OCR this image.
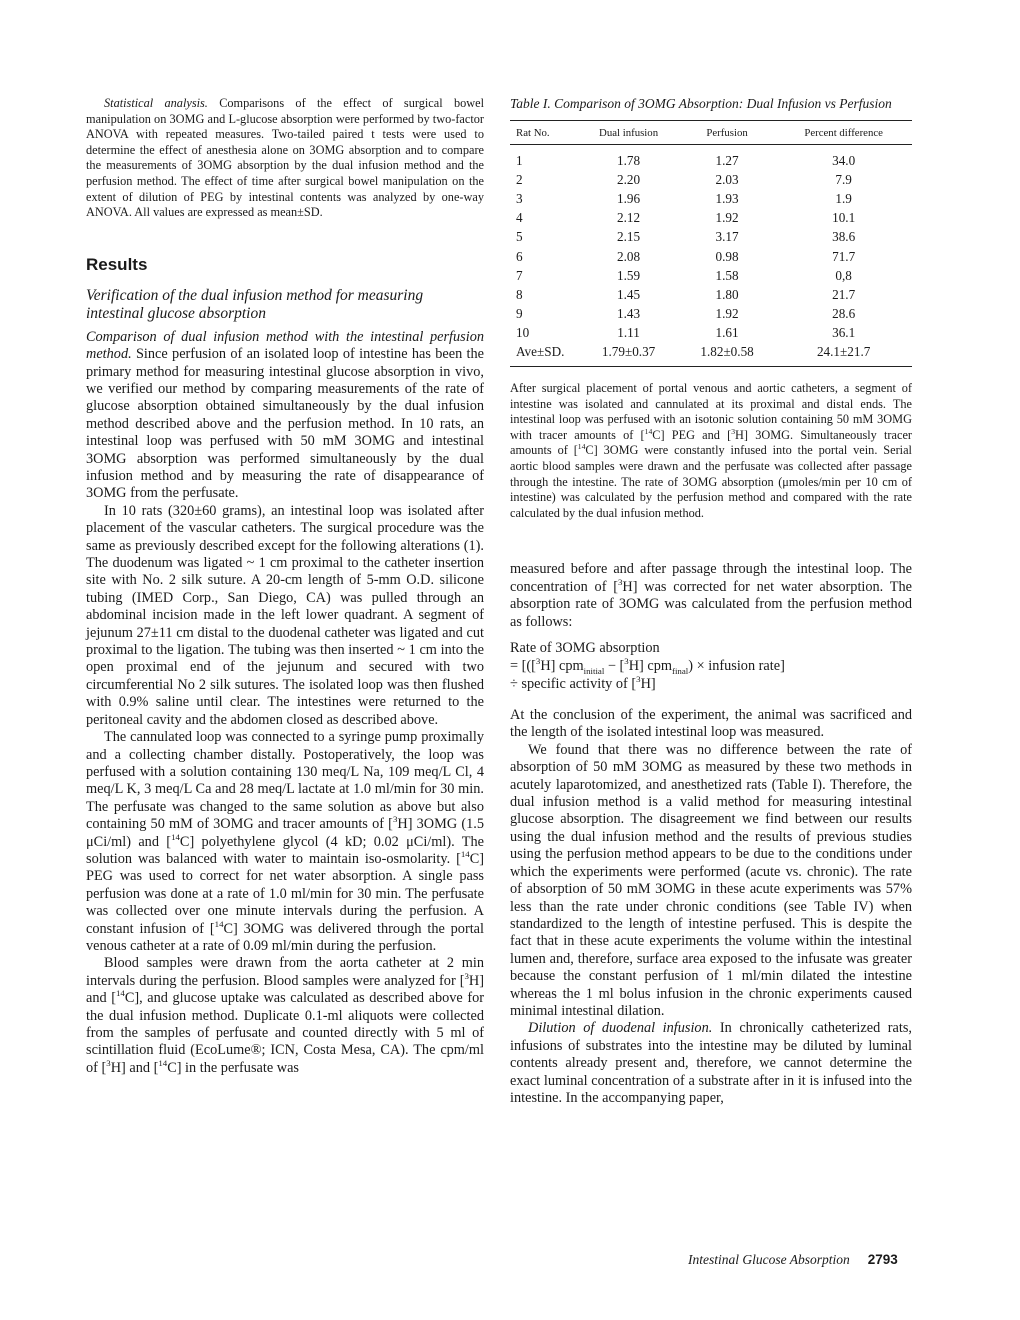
Statistical analysis. Comparisons of the effect of surgical bowel manipulation on 3OMG and L-glucose absorption were performed by two-factor ANOVA with repeated measures. Two-tailed paired t tests were used to determine the effect of anesthesia alone on 3OMG absorption and to compare the measurements of 3OMG absorption by the dual infusion method and the perfusion method. The effect of time after surgical bowel manipulation on the extent of dilution of PEG by intestinal contents was analyzed by one-way ANOVA. All values are expressed as mean±SD.

Results
Verification of the dual infusion method for measuring intestinal glucose absorption

Comparison of dual infusion method with the intestinal perfusion method. Since perfusion of an isolated loop of intestine has been the primary method for measuring intestinal glucose absorption in vivo, we verified our method by comparing measurements of the rate of glucose absorption obtained simultaneously by the dual infusion method described above and the perfusion method. In 10 rats, an intestinal loop was perfused with 50 mM 3OMG and intestinal 3OMG absorption was performed simultaneously by the dual infusion method and by measuring the rate of disappearance of 3OMG from the perfusate.

In 10 rats (320±60 grams), an intestinal loop was isolated after placement of the vascular catheters. The surgical procedure was the same as previously described except for the following alterations (1). The duodenum was ligated ~ 1 cm proximal to the catheter insertion site with No. 2 silk suture. A 20-cm length of 5-mm O.D. silicone tubing (IMED Corp., San Diego, CA) was pulled through an abdominal incision made in the left lower quadrant. A segment of jejunum 27±11 cm distal to the duodenal catheter was ligated and cut proximal to the ligation. The tubing was then inserted ~ 1 cm into the open proximal end of the jejunum and secured with two circumferential No 2 silk sutures. The isolated loop was then flushed with 0.9% saline until clear. The intestines were returned to the peritoneal cavity and the abdomen closed as described above.

The cannulated loop was connected to a syringe pump proximally and a collecting chamber distally. Postoperatively, the loop was perfused with a solution containing 130 meq/L Na, 109 meq/L Cl, 4 meq/L K, 3 meq/L Ca and 28 meq/L lactate at 1.0 ml/min for 30 min. The perfusate was changed to the same solution as above but also containing 50 mM of 3OMG and tracer amounts of [$^3$H] 3OMG (1.5 μCi/ml) and [$^{14}$C] polyethylene glycol (4 kD; 0.02 μCi/ml). The solution was balanced with water to maintain iso-osmolarity. [$^{14}$C] PEG was used to correct for net water absorption. A single pass perfusion was done at a rate of 1.0 ml/min for 30 min. The perfusate was collected over one minute intervals during the perfusion. A constant infusion of [$^{14}$C] 3OMG was delivered through the portal venous catheter at a rate of 0.09 ml/min during the perfusion.

Blood samples were drawn from the aorta catheter at 2 min intervals during the perfusion. Blood samples were analyzed for [$^3$H] and [$^{14}$C], and glucose uptake was calculated as described above for the dual infusion method. Duplicate 0.1-ml aliquots were collected from the samples of perfusate and counted directly with 5 ml of scintillation fluid (EcoLume®; ICN, Costa Mesa, CA). The cpm/ml of [$^3$H] and [$^{14}$C] in the perfusate was

Table I. Comparison of 3OMG Absorption: Dual Infusion vs Perfusion
Rat No.	Dual infusion	Perfusion	Percent difference
1	1.78	1.27	34.0
2	2.20	2.03	7.9
3	1.96	1.93	1.9
4	2.12	1.92	10.1
5	2.15	3.17	38.6
6	2.08	0.98	71.7
7	1.59	1.58	0,8
8	1.45	1.80	21.7
9	1.43	1.92	28.6
10	1.11	1.61	36.1
Ave±SD.	1.79±0.37	1.82±0.58	24.1±21.7

After surgical placement of portal venous and aortic catheters, a segment of intestine was isolated and cannulated at its proximal and distal ends. The intestinal loop was perfused with an isotonic solution containing 50 mM 3OMG with tracer amounts of [$^{14}$C] PEG and [$^3$H] 3OMG. Simultaneously tracer amounts of [$^{14}$C] 3OMG were constantly infused into the portal vein. Serial aortic blood samples were drawn and the perfusate was collected after passage through the intestine. The rate of 3OMG absorption (μmoles/min per 10 cm of intestine) was calculated by the perfusion method and compared with the rate calculated by the dual infusion method.

measured before and after passage through the intestinal loop. The concentration of [$^3$H] was corrected for net water absorption. The absorption rate of 3OMG was calculated from the perfusion method as follows:

Rate of 3OMG absorption
= [([$^3$H] cpm$_{initial}$ − [$^3$H] cpm$_{final}$) × infusion rate]
÷ specific activity of [$^3$H]

At the conclusion of the experiment, the animal was sacrificed and the length of the isolated intestinal loop was measured.

We found that there was no difference between the rate of absorption of 50 mM 3OMG as measured by these two methods in acutely laparotomized, and anesthetized rats (Table I). Therefore, the dual infusion method is a valid method for measuring intestinal glucose absorption. The disagreement we find between our results using the dual infusion method and the results of previous studies using the perfusion method appears to be due to the conditions under which the experiments were performed (acute vs. chronic). The rate of absorption of 50 mM 3OMG in these acute experiments was 57% less than the rate under chronic conditions (see Table IV) when standardized to the length of intestine perfused. This is despite the fact that in these acute experiments the volume within the intestinal lumen and, therefore, surface area exposed to the infusate was greater because the constant perfusion of 1 ml/min dilated the intestine whereas the 1 ml bolus infusion in the chronic experiments caused minimal intestinal dilation.

Dilution of duodenal infusion. In chronically catheterized rats, infusions of substrates into the intestine may be diluted by luminal contents already present and, therefore, we cannot determine the exact luminal concentration of a substrate after in it is infused into the intestine. In the accompanying paper,

Intestinal Glucose Absorption 2793
